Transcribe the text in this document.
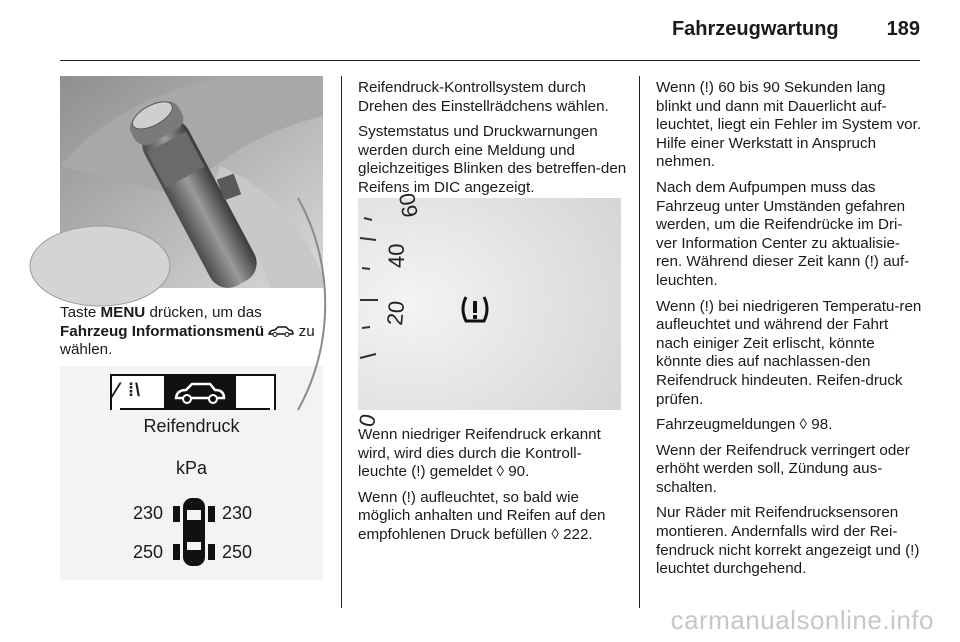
Fahrzeugwartung 189

Taste MENU drücken, um das
Fahrzeug Informationsmenü  zu
wählen.

⁄ ⁞\
Reifendruck
kPa
230	230
250	250

Reifendruck-Kontrollsystem durch Drehen des Einstellrädchens wählen.

Systemstatus und Druckwarnungen werden durch eine Meldung und gleichzeitiges Blinken des betreffen-den Reifens im DIC angezeigt.

0
20
40
60

Wenn niedriger Reifendruck erkannt wird, wird dies durch die Kontroll-leuchte (!) gemeldet ◊ 90.

Wenn (!) aufleuchtet, so bald wie möglich anhalten und Reifen auf den empfohlenen Druck befüllen ◊ 222.

Wenn (!) 60 bis 90 Sekunden lang blinkt und dann mit Dauerlicht auf-leuchtet, liegt ein Fehler im System vor. Hilfe einer Werkstatt in Anspruch nehmen.

Nach dem Aufpumpen muss das Fahrzeug unter Umständen gefahren werden, um die Reifendrücke im Dri-ver Information Center zu aktualisie-ren. Während dieser Zeit kann (!) auf-leuchten.

Wenn (!) bei niedrigeren Temperatu-ren aufleuchtet und während der Fahrt nach einiger Zeit erlischt, könnte könnte dies auf nachlassen-den Reifendruck hindeuten. Reifen-druck prüfen.

Fahrzeugmeldungen ◊ 98.

Wenn der Reifendruck verringert oder erhöht werden soll, Zündung aus-schalten.

Nur Räder mit Reifendrucksensoren montieren. Andernfalls wird der Rei-fendruck nicht korrekt angezeigt und (!) leuchtet durchgehend.

carmanualsonline.info
